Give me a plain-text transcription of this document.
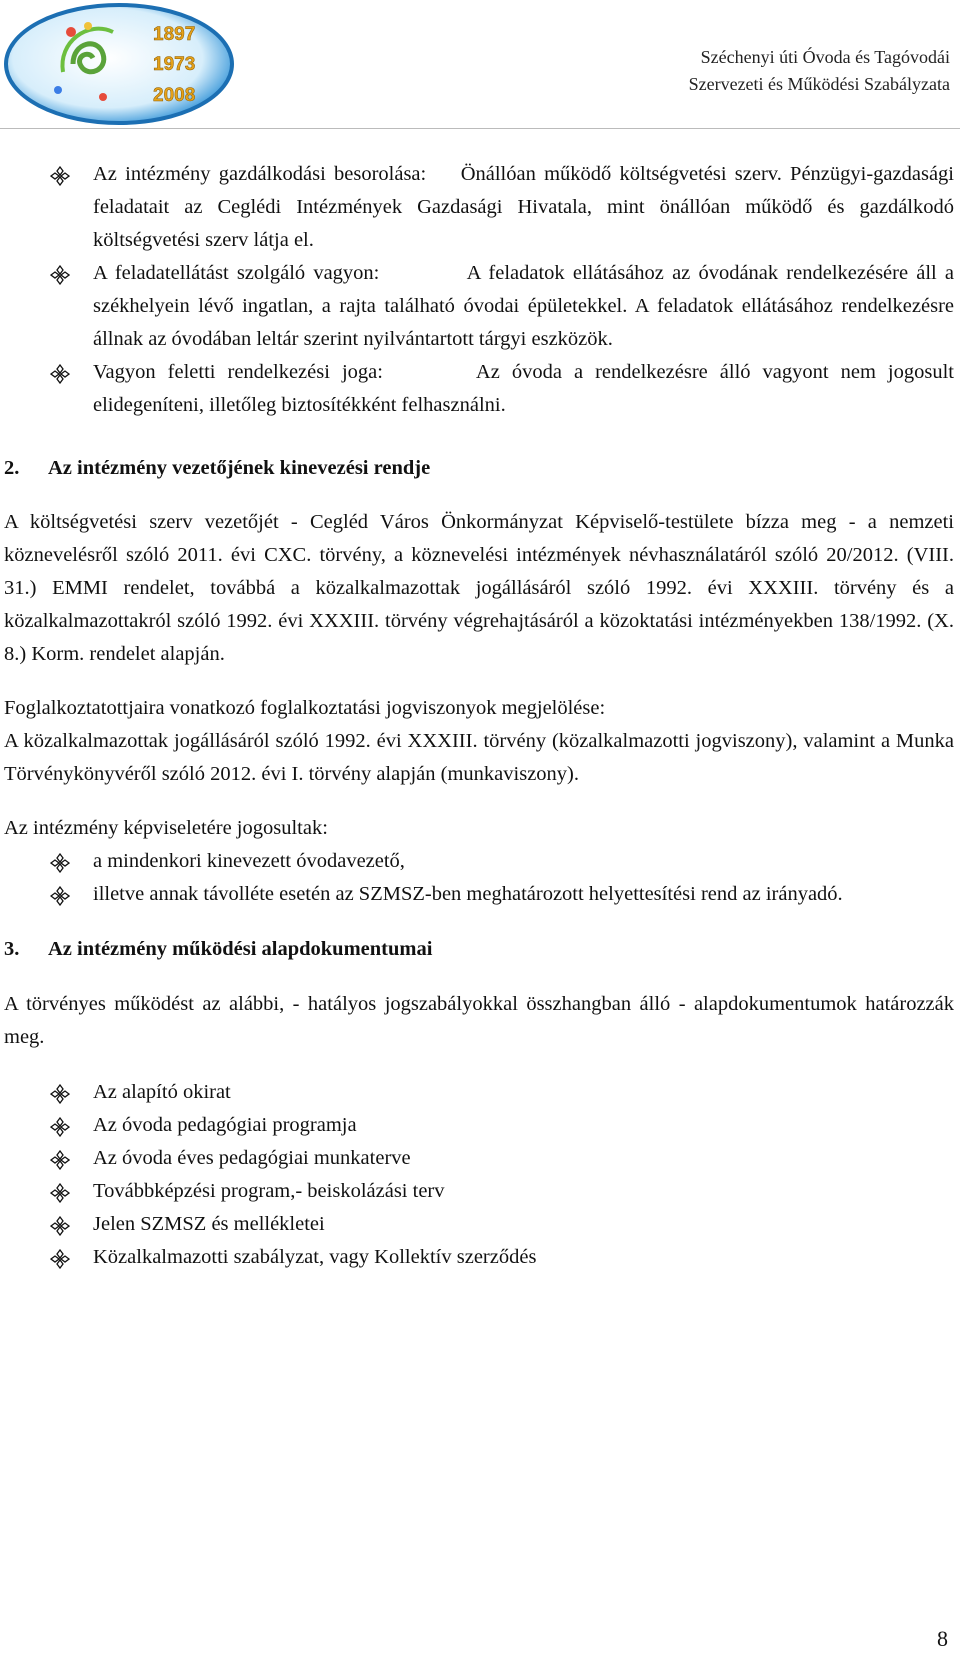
1897
1973
2008
Széchenyi úti Óvoda és Tagóvodái
Szervezeti és Működési Szabályzata
Az intézmény gazdálkodási besorolása: Önállóan működő költségvetési szerv. Pénzügyi-gazdasági feladatait az Ceglédi Intézmények Gazdasági Hivatala, mint önállóan működő és gazdálkodó költségvetési szerv látja el.
A feladatellátást szolgáló vagyon:	A feladatok ellátásához az óvodának rendelkezésére áll a székhelyein lévő ingatlan, a rajta található óvodai épületekkel. A feladatok ellátásához rendelkezésre állnak az óvodában leltár szerint nyilvántartott tárgyi eszközök.
Vagyon feletti rendelkezési joga:	Az óvoda a rendelkezésre álló vagyont nem jogosult elidegeníteni, illetőleg biztosítékként felhasználni.
2. Az intézmény vezetőjének kinevezési rendje

A költségvetési szerv vezetőjét - Cegléd Város Önkormányzat Képviselő-testülete bízza meg - a nemzeti köznevelésről szóló 2011. évi CXC. törvény, a köznevelési intézmények névhasználatáról szóló 20/2012. (VIII. 31.) EMMI rendelet, továbbá a közalkalmazottak jogállásáról szóló 1992. évi XXXIII. törvény és a közalkalmazottakról szóló 1992. évi XXXIII. törvény végrehajtásáról a közoktatási intézményekben 138/1992. (X. 8.) Korm. rendelet alapján.

Foglalkoztatottjaira vonatkozó foglalkoztatási jogviszonyok megjelölése:

A közalkalmazottak jogállásáról szóló 1992. évi XXXIII. törvény (közalkalmazotti jogviszony), valamint a Munka Törvénykönyvéről szóló 2012. évi I. törvény alapján (munkaviszony).

Az intézmény képviseletére jogosultak:

a mindenkori kinevezett óvodavezető,
illetve annak távolléte esetén az SZMSZ-ben meghatározott helyettesítési rend az irányadó.
3. Az intézmény működési alapdokumentumai

A törvényes működést az alábbi, - hatályos jogszabályokkal összhangban álló - alapdokumentumok határozzák meg.

Az alapító okirat
Az óvoda pedagógiai programja
Az óvoda éves pedagógiai munkaterve
Továbbképzési program,- beiskolázási terv
Jelen SZMSZ és mellékletei
Közalkalmazotti szabályzat, vagy Kollektív szerződés
8
